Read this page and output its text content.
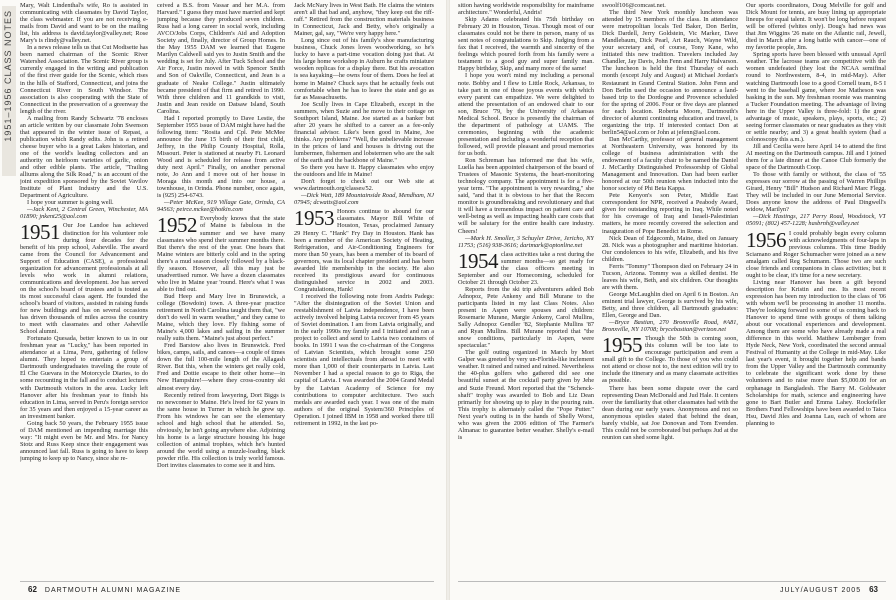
1951–1956 CLASS NOTES

Mary, Walt Lindenthal's wife, Ro is assisted in communicating with classmates by David Taylor, the class webmaster. If you are not receiving e-mails from David and want to be on the mailing list, his address is david.taylor@valley.net; Rose Mary's is rlindy@valley.net.

In a news release tells us that Cut Modisette has been named chairman of the Scenic River Watershed Association. The Scenic River group is currently engaged in the writing and publication of the first river guide for the Scenic, which rises in the hills of Stafford, Connecticut, and joins the Connecticut River in South Windsor. The association is also cooperating with the State of Connecticut in the preservation of a greenway the length of the river.

A mailing from Randy Schwartz '78 encloses an article written by our classmate John Swenson that appeared in the winter issue of Repast, a publication which Randy edits. John is a retired cheese buyer who is a great Lakes historian, and one of the world's leading collectors and an authority on heirloom varieties of garlic, onion and other edible plants. The article, "Trailing alliums along the Silk Road," is an account of the joint expedition sponsored by the Soviet Vavilov Institute of Plant Industry and the U.S. Department of Agriculture.

I hope your summer is going well.

—Jack Kent, 2 Central Green, Winchester, MA 01890; jnkent25@aol.com

1951 Our Joe Landoe has achieved distinction for his volunteer role during four decades for the benefit of his prep school, Asheville. The award came from the Council for Advancement and Support of Education (CASE), a professional organization for advancement professionals at all levels who work in alumni relations, communications and development. Joe has served on the school's board of trustees and is touted as its most successful class agent. He founded the school's board of visitors, assisted in raising funds for new buildings and has on several occasions has driven thousands of miles across the country to meet with classmates and other Asheville School alumni.

Fortunato Quesada, better known to us in our freshman year as "Lucky," has been reported in attendance at a Lima, Peru, gathering of fellow alumni. They hoped to entertain a group of Dartmouth undergraduates traveling the route of El Che Guevara in the Motorcycle Diaries, to do some recounting in the fall and to conduct lectures with Dartmouth visitors in the area. Lucky left Hanover after his freshman year to finish his education in Lima, served in Peru's foreign service for 35 years and then enjoyed a 15-year career as an investment banker.

Going back 50 years, the February 1955 issue of DAM mentioned an impending marriage this way: "It might even be Mr. and Mrs. for Nancy Stotz and Russ Keep since their engagement was announced last fall. Russ is going to have to keep jumping to keep up to Nancy, since she re-

ceived a B.S. from Vassar and her M.A. from Harvard." I guess they must have married and kept jumping because they produced seven children. Russ had a long career in social work, including AVCO/Jobs Corps, Children's Aid and Adoption Society and, finally, director of Group Homes. In the May 1955 DAM we learned that Eugene Marilyn Caldwell said yes to Justin Smith and the wedding is set for July. After Tuck School and the Air Force, Justin moved in with Spencer Smith and Son of Oakville, Connecticut, and Jean is a graduate of Neake College." Justin ultimately became president of that firm and retired in 1990. With three children and 11 grandkids to visit, Justin and Jean reside on Datsaw Island, South Carolina.

Had I reported promptly to Dave Lestie, the September 1955 issue of DAM might have had the following item: "Rosita and Cpl. Pete McMee announce the June 15 birth of their first child, Jeffrey, in the Philip County Hospital, Rolla, Missouri. Peter is stationed at nearby Ft. Leonard Wood and is scheduled for release from active duty next April." Finally, on another personal note, Jo Ann and I move out of her house in Moraga this month and into our house, a townhouse, in Orinda. Phone number, once again, is (925) 254-6743.

—Peter McKee, 919 Village Gate, Orinda, CA 94563; peirce.mckee@hotkin.com

1952 Everybody knows that the state of Maine is fabulous in the summer and we have many classmates who spend their summer months there. But there's the rest of the year. One hears that Maine winters are bitterly cold and in the spring there's a mud season closely followed by a black-fly season. However, all this may just be unadvertised rumor. We have a dozen classmates who live in Maine year 'round. Here's what I was able to find out.

Bud Heep and Mary live in Brunswick, a college (Bowdoin) town. A three-year practice retirement in North Carolina taught them that, "we don't do well in warm weather," and they came to Maine, which they love. Fly fishing some of Maine's 4,000 lakes and sailing in the summer really suits them. "Maine's just about perfect."

Fred Barstow also lives in Brunswick. Fred bikes, camps, sails, and canoes—a couple of times down the full 100-mile length of the Allagash River. But this, when the winters get really cold, Fred and Dottie escape to their other home—in New Hampshire!—where they cross-country ski almost every day.

Recently retired from lawyering, Dort Biggs is no newcomer to Maine. He's lived for 62 years in the same house in Turner in which he grew up. From his windows he can see the elementary school and high school that he attended. So, obviously, he isn't going anywhere else. Adjoining his home is a large structure housing his huge collection of animal trophies, which he's hunted around the world using a muzzle-loading, black powder rifle. His collection is truly world famous. Dort invites classmates to come see it and him.

Jack McNary lives in West Bath. He claims the winters aren't all that bad and, anyhow, "they keep out the riff-raff." Retired from the construction materials business in Connecticut, Jack and Betty, who's originally a Mainer, gal, say, "We're very happy here."

Long since out of his family's shoe manufacturing business, Chuck Jones loves woodworking, so he's lucky to have a part-time vocation doing just that. At his large home workshop in Auburn he crafts miniature wooden replicas for a display there. But his avocation is sea kayaking—he owns four of them. Does he feel at home in Maine? Chuck says that he actually feels out comfortable when he has to leave the state and go as far as Massachusetts.

Joe Scully lives in Cape Elizabeth, except in the summers, when Suzie and he move to their cottage on Southport Island, Maine. Joe started as a banker but after 20 years he shifted to a career as a fee-only financial advisor. Like's been good in Maine, Joe thinks. Any problems? "Well, the unbelievable increase in the prices of land and houses is driving out the lumbermen, fishermen and lobstermen who are the salt of the earth and the backbone of Maine."

So there you have it. Happy classmates who enjoy the outdoors and life in Maine!

Don't forget to check out our Web site at www.dartmouth.org/classes/52.

—Dick Watt, 189 Mountainside Road, Mendham, NJ 07945; dcwatts@aol.com

1953 Honors continue to abound for our classmates. Mayor Bill White of Houston, Texas, proclaimed January 29 Henry C. "Hank" Fry Day in Houston. Hank has been a member of the American Society of Heating, Refrigeration, and Air-Conditioning Engineers for more than 50 years, has been a member of its board of governors, was its local chapter president and has been awarded life membership in the society. He also received its prestigious award for continuous distinguished service in 2002 and 2003. Congratulations, Hank!

I received the following note from Andris Padegs: "After the disintegration of the Soviet Union and reestablishment of Latvia independence, I have been actively involved helping Latvia recover from 45 years of Soviet domination. I am from Latvia originally, and in the early 1990s my family and I initiated and ran a project to collect and send to Latvia two containers of books. In 1991 I was the co-chairman of the Congress of Latvian Scientists, which brought some 250 scientists and intellectuals from abroad to meet with more than 1,000 of their counterparts in Latvia. Last November I had a special reason to go to Riga, the capital of Latvia. I was awarded the 2004 Grand Medal by the Latvian Academy of Science for my contributions to computer architecture. Two such medals are awarded each year. I was one of the main authors of the original System/360 Principles of Operation. I joined IBM in 1958 and worked there till retirement in 1992, in the last po-

62 DARTMOUTH ALUMNI MAGAZINE

sition having worldwide responsibility for mainframe architecture." Wonderful, Andris!

Skip Adams celebrated his 75th birthday on February 20 in Houston, Texas. Though most of our classmates could not be there in person, many of us sent notes of congratulations to Skip. Judging from a fax that I received, the warmth and sincerity of the feelings which poured forth from his family were a testament to a good guy and super family man. Happy birthday, Skip, and many more of the same!

I hope you won't mind my including a personal note. Bobby and I flew to Little Rock, Arkansas, to take part in one of those joyous events with which every parent can empathize. We were delighted to attend the presentation of an endowed chair to our son, Bruce '79, by the University of Arkansas Medical School. Bruce is presently the chairman of the department of pathology at UAMS. The ceremonies, beginning with the academic presentation and including a wonderful reception that followed, will provide pleasant and proud memories for us both.

Ron Schreman has informed me that his wife, Luella has been appointed chairperson of the board of Trustees of Masonic Systems, the heart-monitoring technology company. The appointment is for a five-year term. "The appointment is very rewarding," she said, "and that it is obvious to her that the Recom monitor is groundbreaking and revolutionary and that it will have a tremendous impact on patient care and well-being as well as impacting health care costs that will be salutary for the entire health care industry. Cheers!

—Mark H. Smoller, 3 Schuyler Drive, Jericho, NY 11753; (516) 938-3616; dartmark@optonline.net

1954 class activities take a rest during the summer months—so get ready for the class officers meeting in September and our Homecoming, scheduled for October 21 through October 23.

Reports from the ski trip adventurers added Bob Adnopoz, Pete Ankeny and Bill Murane to the participants listed in my last Class Notes. Also present in Aspen were spouses and children: Rosemarie Murane, Margie Ankeny, Carol Mullins, Sally Adnopoz Gendler '82, Stephanie Mullins '87 and Ryan Mullins. Bill Murane reported that "the snow conditions, particularly in Aspen, were spectacular."

The golf outing organized in March by Mort Galper was greeted by very un-Florida-like inclement weather. It rained and rained and rained. Nevertheless the 40-plus golfers who gathered did see one beautiful sunset at the cocktail party given by Jehe and Suzie Freund. Mort reported that the "Schenck-shaft" trophy was awarded to Bob and Liz Dean primarily for showing up to play in the pouring rain. This trophy is alternately called the "Pope Putter." Next year's outing is in the hands of Shelly Worst, who was given the 2006 edition of The Farmer's Almanac to guarantee better weather. Shelly's e-mail is

swoolf106@comcast.net.

The third New York monthly luncheon was attended by 15 members of the class. In attendance were metropolitan locals Ted Baker, Don Berlin, Dick Dardell, Jerry Goldstein, Vic Marker, Dave Mandlebaum, Dick Pearl, Art Rauch, Wayne Wild, your secretary and, of course, Tony Kane, who initiated this new tradition. Travelers included Jay Chandler, Jay Davis, John Fenn and Harry Halvarson. The luncheon is held the first Thursday of each month (except July and August) at Michael Jordan's Restaurant in Grand Central Station. John Fenn and Don Berlin used the occasion to announce a land-based trip to the Dordogne and Provence scheduled for the spring of 2006. Four or five days are planned for each location. Roberta Moore, Dartmouth's director of alumni continuing education and travel, is organizing the trip. If interested contact Don at berlin54@aol.com or John at jefenn@aol.com.

Dan McCarthy, professor of general management at Northeastern University, was honored by its college of business administration with the endowment of a faculty chair to be named the Daniel J. McCarthy Distinguished Professorship of Global Management and Innovation. Dan had been earlier honored at our 50th reunion when inducted into the honor society of Phi Beta Kappa.

Pete Kenyon's son Peter, Middle East correspondent for NPR, received a Peabody Award, given for outstanding reporting in Iraq. While noted for his coverage of Iraq and Israeli-Palestinian matters, he more recently covered the selection and inauguration of Pope Benedict in Rome.

Nick Dean of Edgecomb, Maine, died on January 28. Nick was a photographer and maritime historian. Our condolences to his wife, Elizabeth, and his five children.

Ferris "Tommy" Thompson died on February 24 in Tucson, Arizona. Tommy was a skilled dentist. He leaves his wife, Beth, and six children. Our thoughts are with them.

George McLaughlin died on April 6 in Boston. An eminent trial lawyer, George is survived by his wife, Betty, and three children, all Dartmouth graduates: Ellen, George and Dan.

—Bryce Bastian, 270 Bronxville Road, #A81, Bronxville, NY 10708; brycebastian@verizon.net

1955 Though the 50th is coming soon, this column will be too late to encourage participation and even a small gift to the College. To those of you who could not attend or chose not to, the next edition will try to include the itinerary and as many classmate activities as possible.

There has been some dispute over the card representing Dean McDonald and Jud Hale. It centers over the familiarity that other classmates had with the dean during our early years. Anonymous and not so anonymous epistles stated that behind the dean, barely visible, sat Joe Donovan and Tom Evenden. This could not be corroborated but perhaps Jud at the reunion can shed some light.

Our sports coordinators, Doug Melville for golf and Dick Mount for tennis, are busy lining up appropriate lineups for equal talent. It won't be long before request will be offered (whites only). Doug's had news was that Jim Wiggins '26 mate on the Atlantic rail, Jewell, died in March after a long battle with cancer—one of my favorite people, Jim.

Spring sports have been blessed with unusual April weather. The lacrosse teams are competitive with the women undefeated (they lost the NCAA semifinal round to Northwestern, 8-4, in mid-May). After watching Dartmouth lose to a good Cornell team, 8-5 I went to the baseball game, where Joe Matheson was basking in the sun. My freshman roomie was manning a Tucker Foundation meeting. The advantage of living here in the Upper Valley is three-fold: 1) the great advantage of music, speakers, plays, sports, etc.; 2) seeing former classmates or near graduates as they visit or settle nearby; and 3) a great health system (had a colonoscopy this a.m.).

Jill and Cecilia were here April 14 to attend the first AI meeting on the Dartmouth campus. Jill and I joined them for a late dinner at the Canoe Club formerly the space of the Dartmouth Coop.

To those with family or without, the class of '55 expresses our sorrow at the passing of Warren Phillips Girard, Henry "Bill" Hudson and Richard Marc Flegg. They will be included in our June Memorial Service. Does anyone know the address of Paul Dingwell's widow, Marilyn?

—Dick Hastings, 217 Perry Road, Woodstock, VT 05091; (802) 457-1228; hasbrnh@valley.net

1956 I could probably begin every column with acknowledgments of four-laps in previous columns. This time Buddy Sciamano and Roger Schumacher were joined as a new amalgam called Reg Schumann. Those two are such close friends and companions in class activities; but it ought to be clear, it's time for a new secretary.

Living near Hanover has been a gift beyond description for Kristin and me. Its most recent expression has been my introduction to the class of '06 with whom we'll be processing in another 11 months. They're looking forward to some of us coming back to Hanover to spend time with groups of them talking about our vocational experiences and development. Among them are some who have already made a real difference in this world. Matthew Lemberger from Hyde Neck, New York, coordinated the second annual Festival of Humanity at the College in mid-May. Like last year's event, it brought together help and bands from the Upper Valley and the Dartmouth community to celebrate the significant work done by these volunteers and to raise more than $5,000.00 for an orphanage in Bangladesh. The Barry M. Goldwater Scholarships for math, science and engineering have gone to Bart Butler and Emma Lahey. Rockefeller Brothers Fund Fellowships have been awarded to Taica Hsu, David Jiles and Joanna Lau, each of whom are planning to

JULY/AUGUST 2005 63
